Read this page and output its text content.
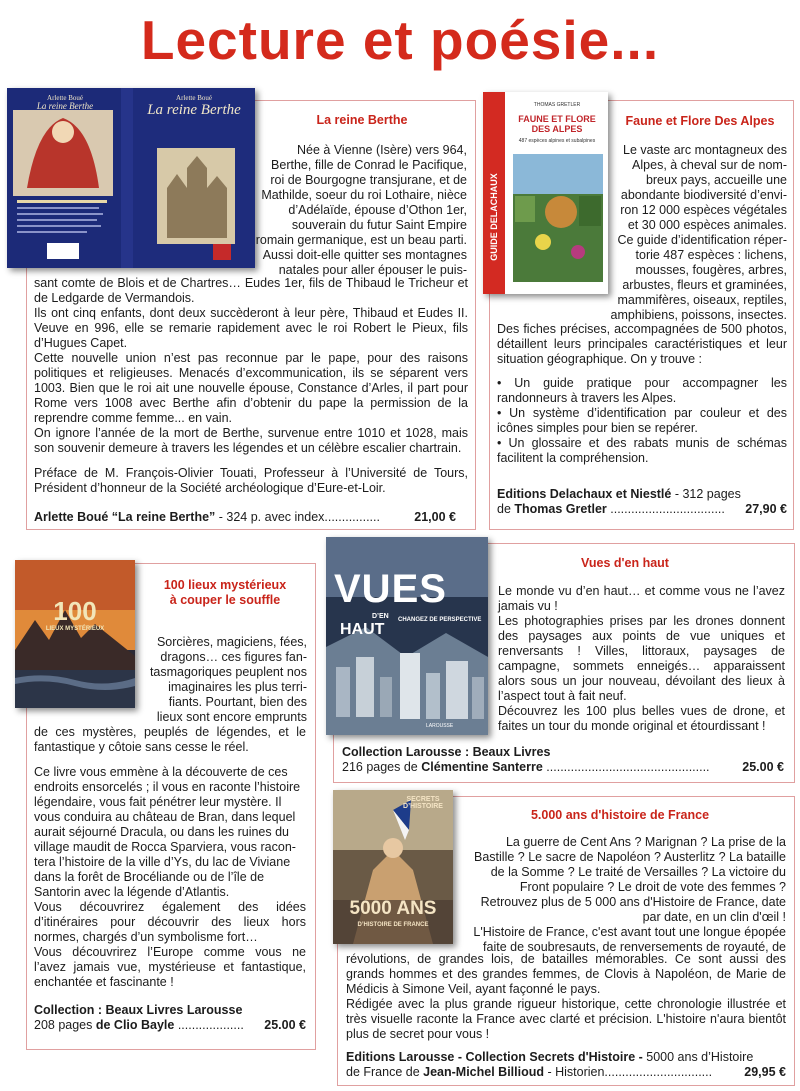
Lecture et poésie...
Arlette Boué
La reine Berthe
Arlette Boué
La reine Berthe
La reine Berthe

Née à Vienne (Isère) vers 964,

Berthe, fille de Conrad le Pacifique,

roi de Bourgogne transjurane, et de

Mathilde, soeur du roi Lothaire, nièce

d’Adélaïde, épouse d’Othon 1er,

souverain du futur Saint Empire

romain germanique, est un beau parti.

Aussi doit-elle quitter ses montagnes

natales pour aller épouser le puis-

sant comte de Blois et de Chartres… Eudes 1er, fils de Thibaud le Tricheur et de Ledgarde de Vermandois.

Ils ont cinq enfants, dont deux succèderont à leur père, Thibaud et Eudes II. Veuve en 996, elle se remarie rapidement avec le roi Robert le Pieux, fils d’Hugues Capet.

Cette nouvelle union n’est pas reconnue par le pape, pour des raisons politiques et religieuses. Menacés d’excommunication, ils se séparent vers 1003. Bien que le roi ait une nouvelle épouse, Constance d’Arles, il part pour Rome vers 1008 avec Berthe afin d’obtenir du pape la permission de la reprendre comme femme... en vain.

On ignore l’année de la mort de Berthe, survenue entre 1010 et 1028, mais son souvenir demeure à travers les légendes et un célèbre escalier chartrain.

Préface de M. François-Olivier Touati, Professeur à l’Université de Tours, Président d’honneur de la Société archéologique d’Eure-et-Loir.

Arlette Boué “La reine Berthe” - 324 p. avec index................	21,00 €
GUIDE DELACHAUX
THOMAS GRETLER
FAUNE ET FLORE
DES ALPES
487 espèces alpines et subalpines
Faune et Flore Des Alpes

Le vaste arc montagneux des

Alpes, à cheval sur de nom-

breux pays, accueille une

abondante biodiversité d’envi-

ron 12 000 espèces végétales

et 30 000 espèces animales.

Ce guide d’identification réper-

torie 487 espèces : lichens,

mousses, fougères, arbres,

arbustes, fleurs et graminées,

mammifères, oiseaux, reptiles,

amphibiens, poissons, insectes.

Des fiches précises, accompagnées de 500 photos, détaillent leurs principales caractéristiques et leur situation géographique. On y trouve :

• Un guide pratique pour accompagner les randonneurs à travers les Alpes.

• Un système d’identification par couleur et des icônes simples pour bien se repérer.

• Un glossaire et des rabats munis de schémas facilitent la compréhension.

Editions Delachaux et Niestlé - 312 pages
de Thomas Gretler ................................. 27,90 €
100
LIEUX MYSTÉRIEUX
100 lieux mystérieux
à couper le souffle

Sorcières, magiciens, fées,

dragons… ces figures fan-

tasmagoriques peuplent nos

imaginaires les plus terri-

fiants. Pourtant, bien des

lieux sont encore emprunts

de ces mystères, peuplés de légendes, et le fantastique y côtoie sans cesse le réel.

Ce livre vous emmène à la découverte de ces

endroits ensorcelés ; il vous en raconte l’histoire

légendaire, vous fait pénétrer leur mystère. Il

vous conduira au château de Bran, dans lequel

aurait séjourné Dracula, ou dans les ruines du

village maudit de Rocca Sparviera, vous racon-

tera l’histoire de la ville d’Ys, du lac de Viviane

dans la forêt de Brocéliande ou de l’île de

Santorin avec la légende d’Atlantis.

Vous découvrirez également des idées d’itinéraires pour découvrir des lieux hors normes, chargés d’un symbolisme fort…

Vous découvrirez l’Europe comme vous ne l’avez jamais vue, mystérieuse et fantastique, enchantée et fascinante !

Collection : Beaux Livres Larousse
208 pages de Clio Bayle ................... 25.00 €
VUES
D’EN
HAUT
CHANGEZ DE PERSPECTIVE
LAROUSSE
Vues d'en haut

Le monde vu d’en haut… et comme vous ne l’avez jamais vu !

Les photographies prises par les drones donnent des paysages aux points de vue uniques et renversants ! Villes, littoraux, paysages de campagne, sommets enneigés… apparaissent alors sous un jour nouveau, dévoilant des lieux à l’aspect tout à fait neuf.

Découvrez les 100 plus belles vues de drone, et faites un tour du monde original et étourdissant !

Collection Larousse : Beaux Livres
216 pages de Clémentine Santerre ...............................................	25.00 €
SECRETS D’HISTOIRE
5000 ANS
D’HISTOIRE DE FRANCE
5.000 ans d'histoire de France

La guerre de Cent Ans ? Marignan ? La prise de la

Bastille ? Le sacre de Napoléon ? Austerlitz ? La bataille

de la Somme ? Le traité de Versailles ? La victoire du

Front populaire ? Le droit de vote des femmes ?

Retrouvez plus de 5 000 ans d'Histoire de France, date

par date, en un clin d'œil !

L'Histoire de France, c'est avant tout une longue épopée

faite de soubresauts, de renversements de royauté, de

révolutions, de grandes lois, de batailles mémorables. Ce sont aussi des grands hommes et des grandes femmes, de Clovis à Napoléon, de Marie de Médicis à Simone Veil, ayant façonné le pays.

Rédigée avec la plus grande rigueur historique, cette chronologie illustrée et très visuelle raconte la France avec clarté et précision. L'histoire n'aura bientôt plus de secret pour vous !

Editions Larousse - Collection Secrets d'Histoire - 5000 ans d’Histoire
de France de Jean-Michel Billioud - Historien...............................	29,95 €
